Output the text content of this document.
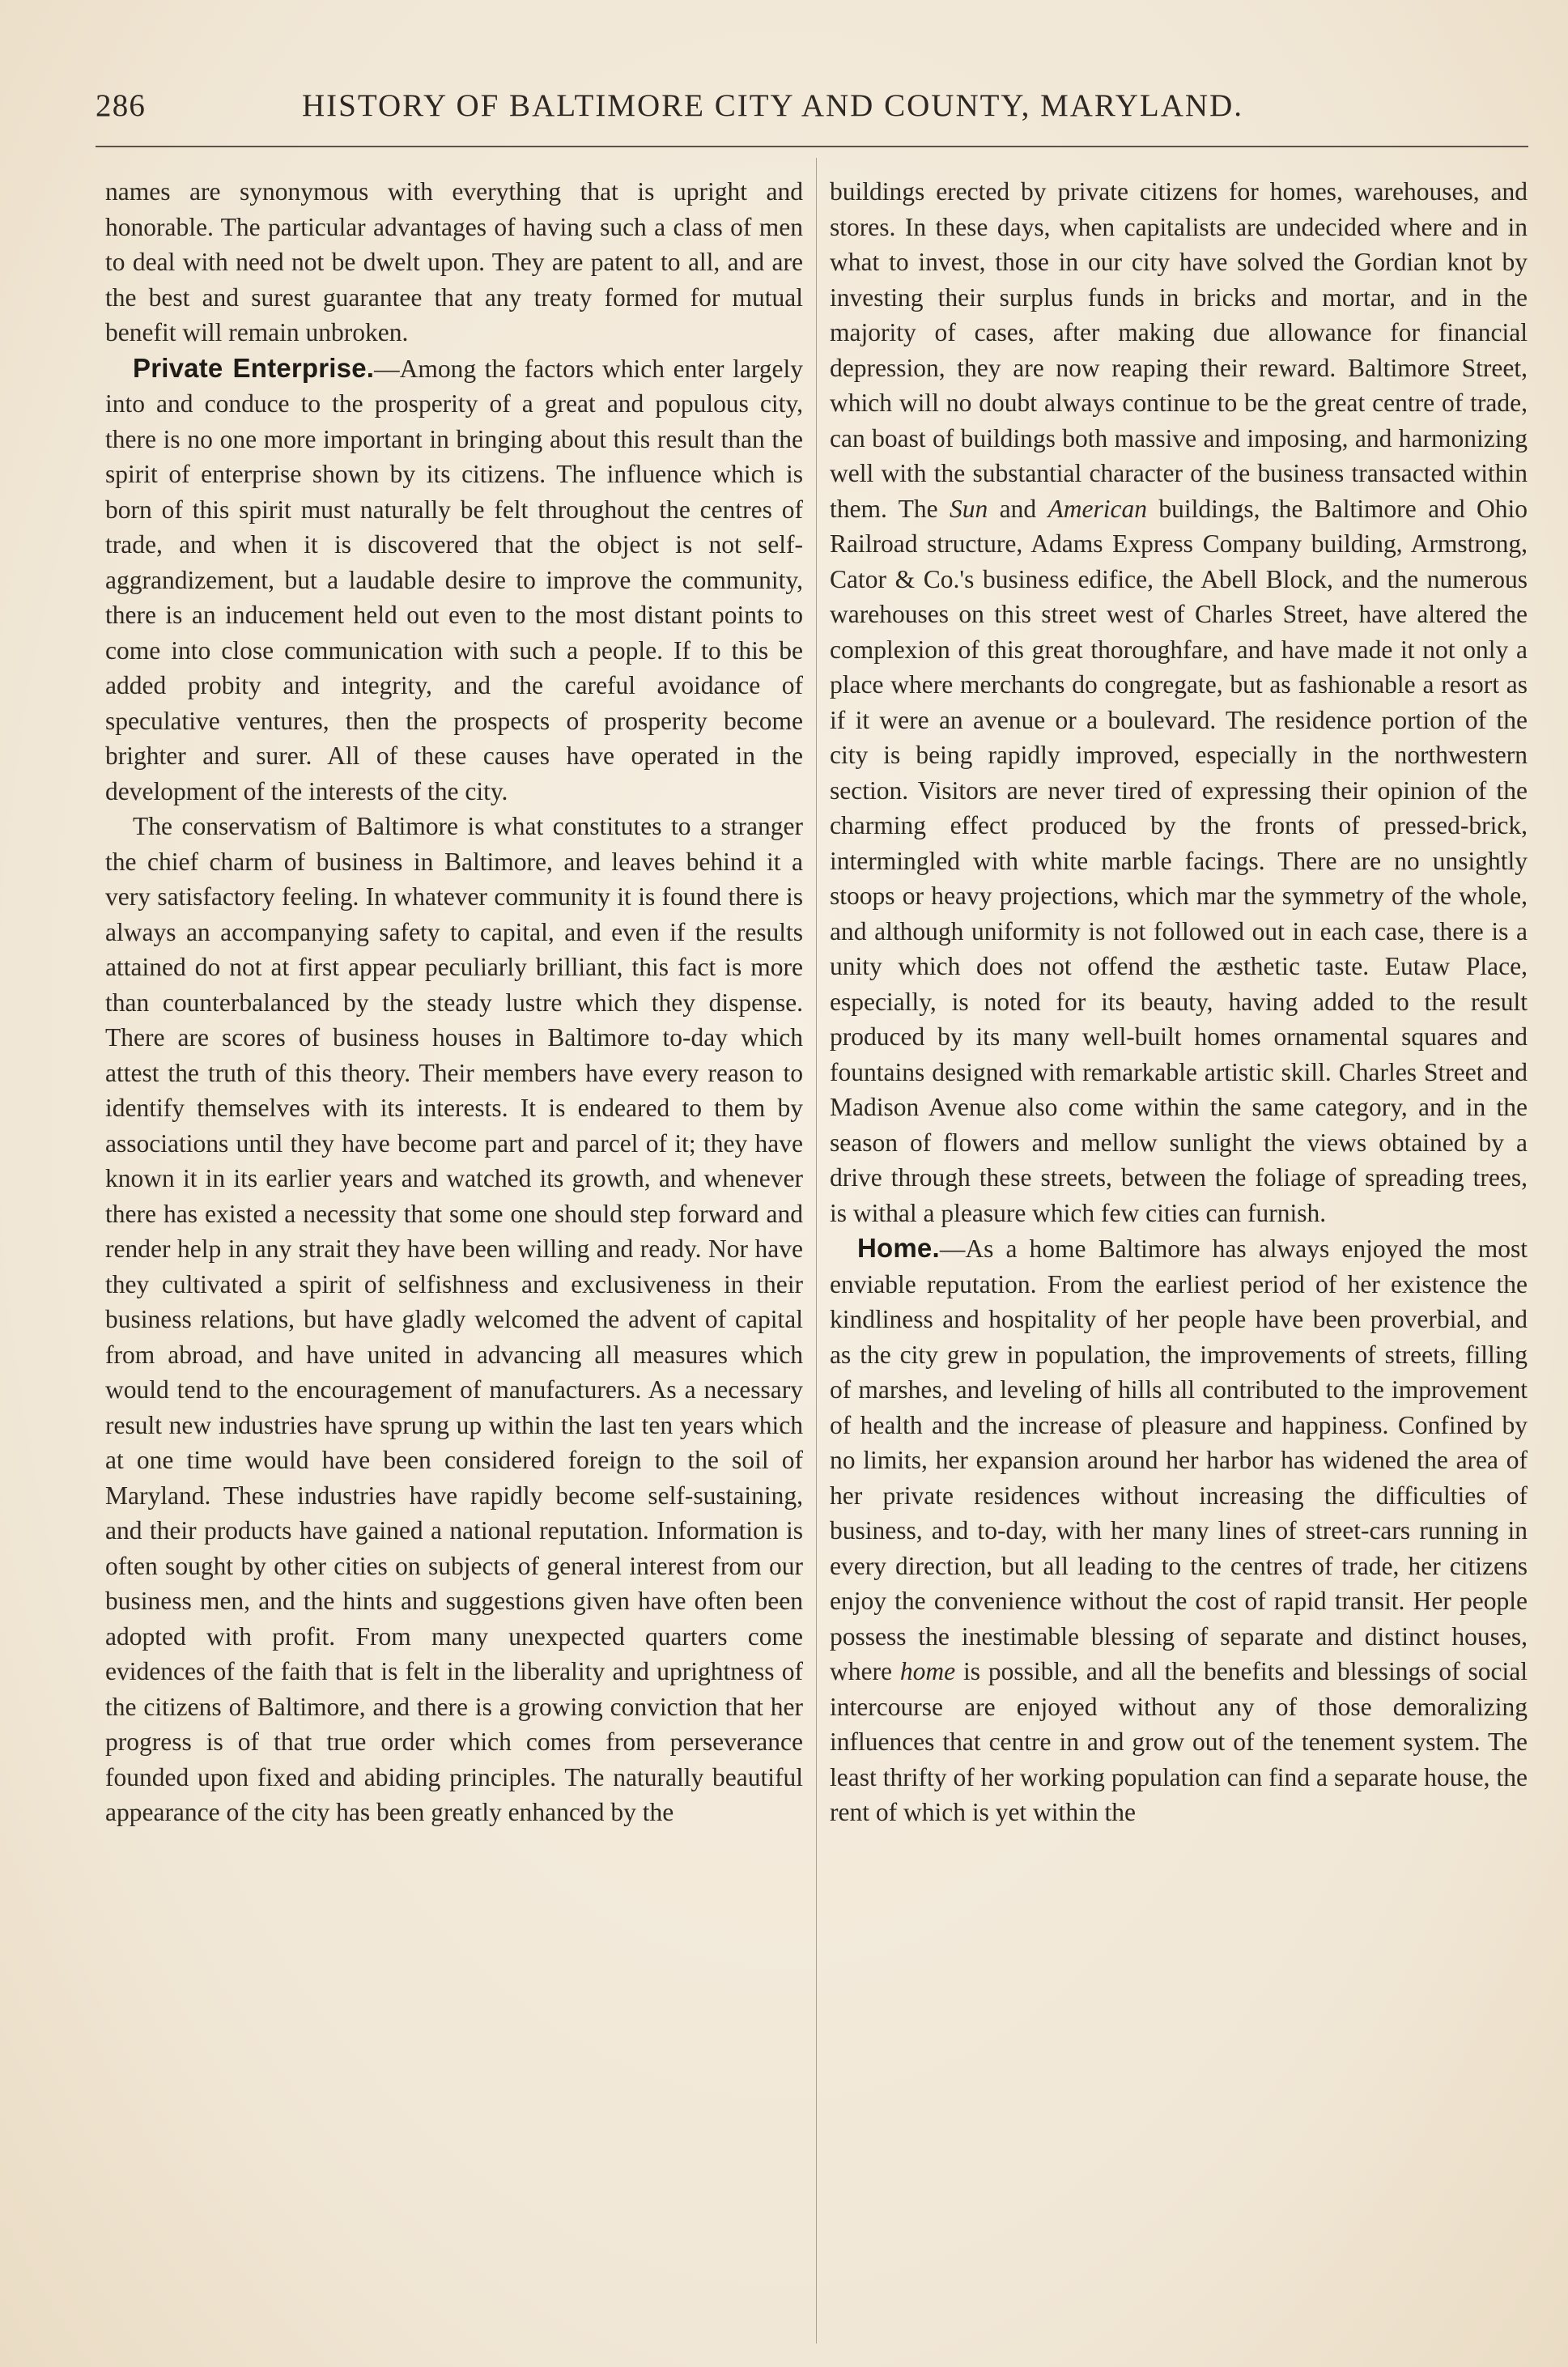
286	HISTORY OF BALTIMORE CITY AND COUNTY, MARYLAND.

names are synonymous with everything that is upright and honorable. The particular advantages of having such a class of men to deal with need not be dwelt upon. They are patent to all, and are the best and surest guarantee that any treaty formed for mutual benefit will remain unbroken.

Private Enterprise.—Among the factors which enter largely into and conduce to the prosperity of a great and populous city, there is no one more important in bringing about this result than the spirit of enterprise shown by its citizens. The influence which is born of this spirit must naturally be felt throughout the centres of trade, and when it is discovered that the object is not self-aggrandizement, but a laudable desire to improve the community, there is an inducement held out even to the most distant points to come into close communication with such a people. If to this be added probity and integrity, and the careful avoidance of speculative ventures, then the prospects of prosperity become brighter and surer. All of these causes have operated in the development of the interests of the city.

The conservatism of Baltimore is what constitutes to a stranger the chief charm of business in Baltimore, and leaves behind it a very satisfactory feeling. In whatever community it is found there is always an accompanying safety to capital, and even if the results attained do not at first appear peculiarly brilliant, this fact is more than counterbalanced by the steady lustre which they dispense. There are scores of business houses in Baltimore to-day which attest the truth of this theory. Their members have every reason to identify themselves with its interests. It is endeared to them by associations until they have become part and parcel of it; they have known it in its earlier years and watched its growth, and whenever there has existed a necessity that some one should step forward and render help in any strait they have been willing and ready. Nor have they cultivated a spirit of selfishness and exclusiveness in their business relations, but have gladly welcomed the advent of capital from abroad, and have united in advancing all measures which would tend to the encouragement of manufacturers. As a necessary result new industries have sprung up within the last ten years which at one time would have been considered foreign to the soil of Maryland. These industries have rapidly become self-sustaining, and their products have gained a national reputation. Information is often sought by other cities on subjects of general interest from our business men, and the hints and suggestions given have often been adopted with profit. From many unexpected quarters come evidences of the faith that is felt in the liberality and uprightness of the citizens of Baltimore, and there is a growing conviction that her progress is of that true order which comes from perseverance founded upon fixed and abiding principles. The naturally beautiful appearance of the city has been greatly enhanced by the

buildings erected by private citizens for homes, warehouses, and stores. In these days, when capitalists are undecided where and in what to invest, those in our city have solved the Gordian knot by investing their surplus funds in bricks and mortar, and in the majority of cases, after making due allowance for financial depression, they are now reaping their reward. Baltimore Street, which will no doubt always continue to be the great centre of trade, can boast of buildings both massive and imposing, and harmonizing well with the substantial character of the business transacted within them. The Sun and American buildings, the Baltimore and Ohio Railroad structure, Adams Express Company building, Armstrong, Cator & Co.'s business edifice, the Abell Block, and the numerous warehouses on this street west of Charles Street, have altered the complexion of this great thoroughfare, and have made it not only a place where merchants do congregate, but as fashionable a resort as if it were an avenue or a boulevard. The residence portion of the city is being rapidly improved, especially in the northwestern section. Visitors are never tired of expressing their opinion of the charming effect produced by the fronts of pressed-brick, intermingled with white marble facings. There are no unsightly stoops or heavy projections, which mar the symmetry of the whole, and although uniformity is not followed out in each case, there is a unity which does not offend the æsthetic taste. Eutaw Place, especially, is noted for its beauty, having added to the result produced by its many well-built homes ornamental squares and fountains designed with remarkable artistic skill. Charles Street and Madison Avenue also come within the same category, and in the season of flowers and mellow sunlight the views obtained by a drive through these streets, between the foliage of spreading trees, is withal a pleasure which few cities can furnish.

Home.—As a home Baltimore has always enjoyed the most enviable reputation. From the earliest period of her existence the kindliness and hospitality of her people have been proverbial, and as the city grew in population, the improvements of streets, filling of marshes, and leveling of hills all contributed to the improvement of health and the increase of pleasure and happiness. Confined by no limits, her expansion around her harbor has widened the area of her private residences without increasing the difficulties of business, and to-day, with her many lines of street-cars running in every direction, but all leading to the centres of trade, her citizens enjoy the convenience without the cost of rapid transit. Her people possess the inestimable blessing of separate and distinct houses, where home is possible, and all the benefits and blessings of social intercourse are enjoyed without any of those demoralizing influences that centre in and grow out of the tenement system. The least thrifty of her working population can find a separate house, the rent of which is yet within the
